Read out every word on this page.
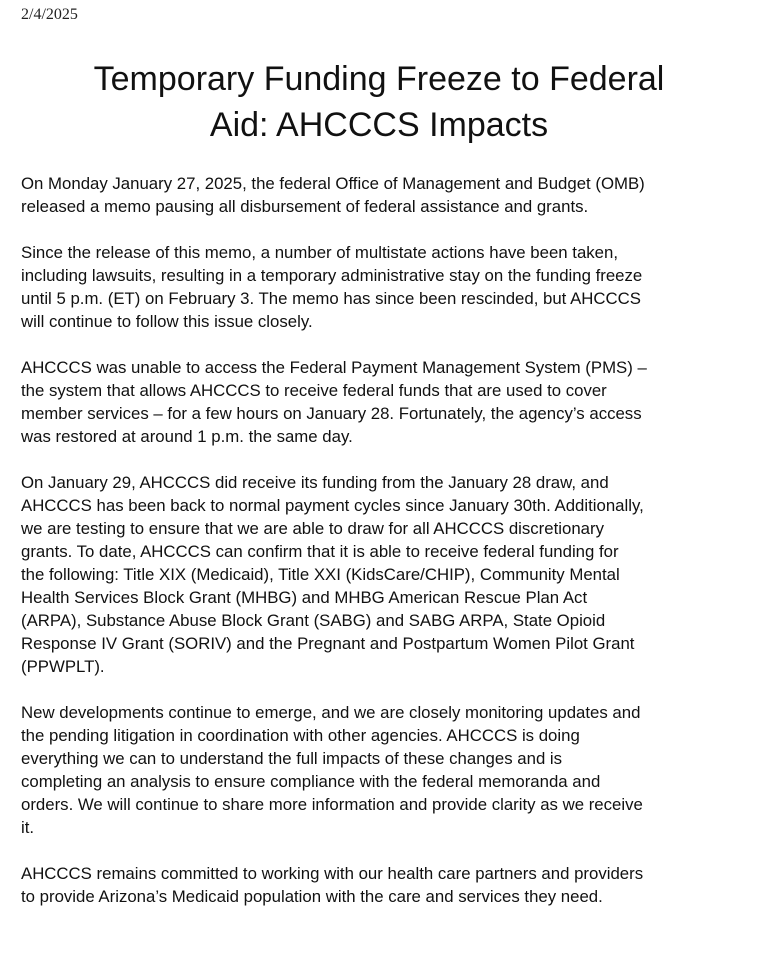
2/4/2025
Temporary Funding Freeze to Federal
Aid: AHCCCS Impacts

On Monday January 27, 2025, the federal Office of Management and Budget (OMB)
released a memo pausing all disbursement of federal assistance and grants.

Since the release of this memo, a number of multistate actions have been taken,
including lawsuits, resulting in a temporary administrative stay on the funding freeze
until 5 p.m. (ET) on February 3. The memo has since been rescinded, but AHCCCS
will continue to follow this issue closely.

AHCCCS was unable to access the Federal Payment Management System (PMS) –
the system that allows AHCCCS to receive federal funds that are used to cover
member services – for a few hours on January 28. Fortunately, the agency’s access
was restored at around 1 p.m. the same day.

On January 29, AHCCCS did receive its funding from the January 28 draw, and
AHCCCS has been back to normal payment cycles since January 30th. Additionally,
we are testing to ensure that we are able to draw for all AHCCCS discretionary
grants. To date, AHCCCS can confirm that it is able to receive federal funding for
the following: Title XIX (Medicaid), Title XXI (KidsCare/CHIP), Community Mental
Health Services Block Grant (MHBG) and MHBG American Rescue Plan Act
(ARPA), Substance Abuse Block Grant (SABG) and SABG ARPA, State Opioid
Response IV Grant (SORIV) and the Pregnant and Postpartum Women Pilot Grant
(PPWPLT).

New developments continue to emerge, and we are closely monitoring updates and
the pending litigation in coordination with other agencies. AHCCCS is doing
everything we can to understand the full impacts of these changes and is
completing an analysis to ensure compliance with the federal memoranda and
orders. We will continue to share more information and provide clarity as we receive
it.

AHCCCS remains committed to working with our health care partners and providers
to provide Arizona’s Medicaid population with the care and services they need.
